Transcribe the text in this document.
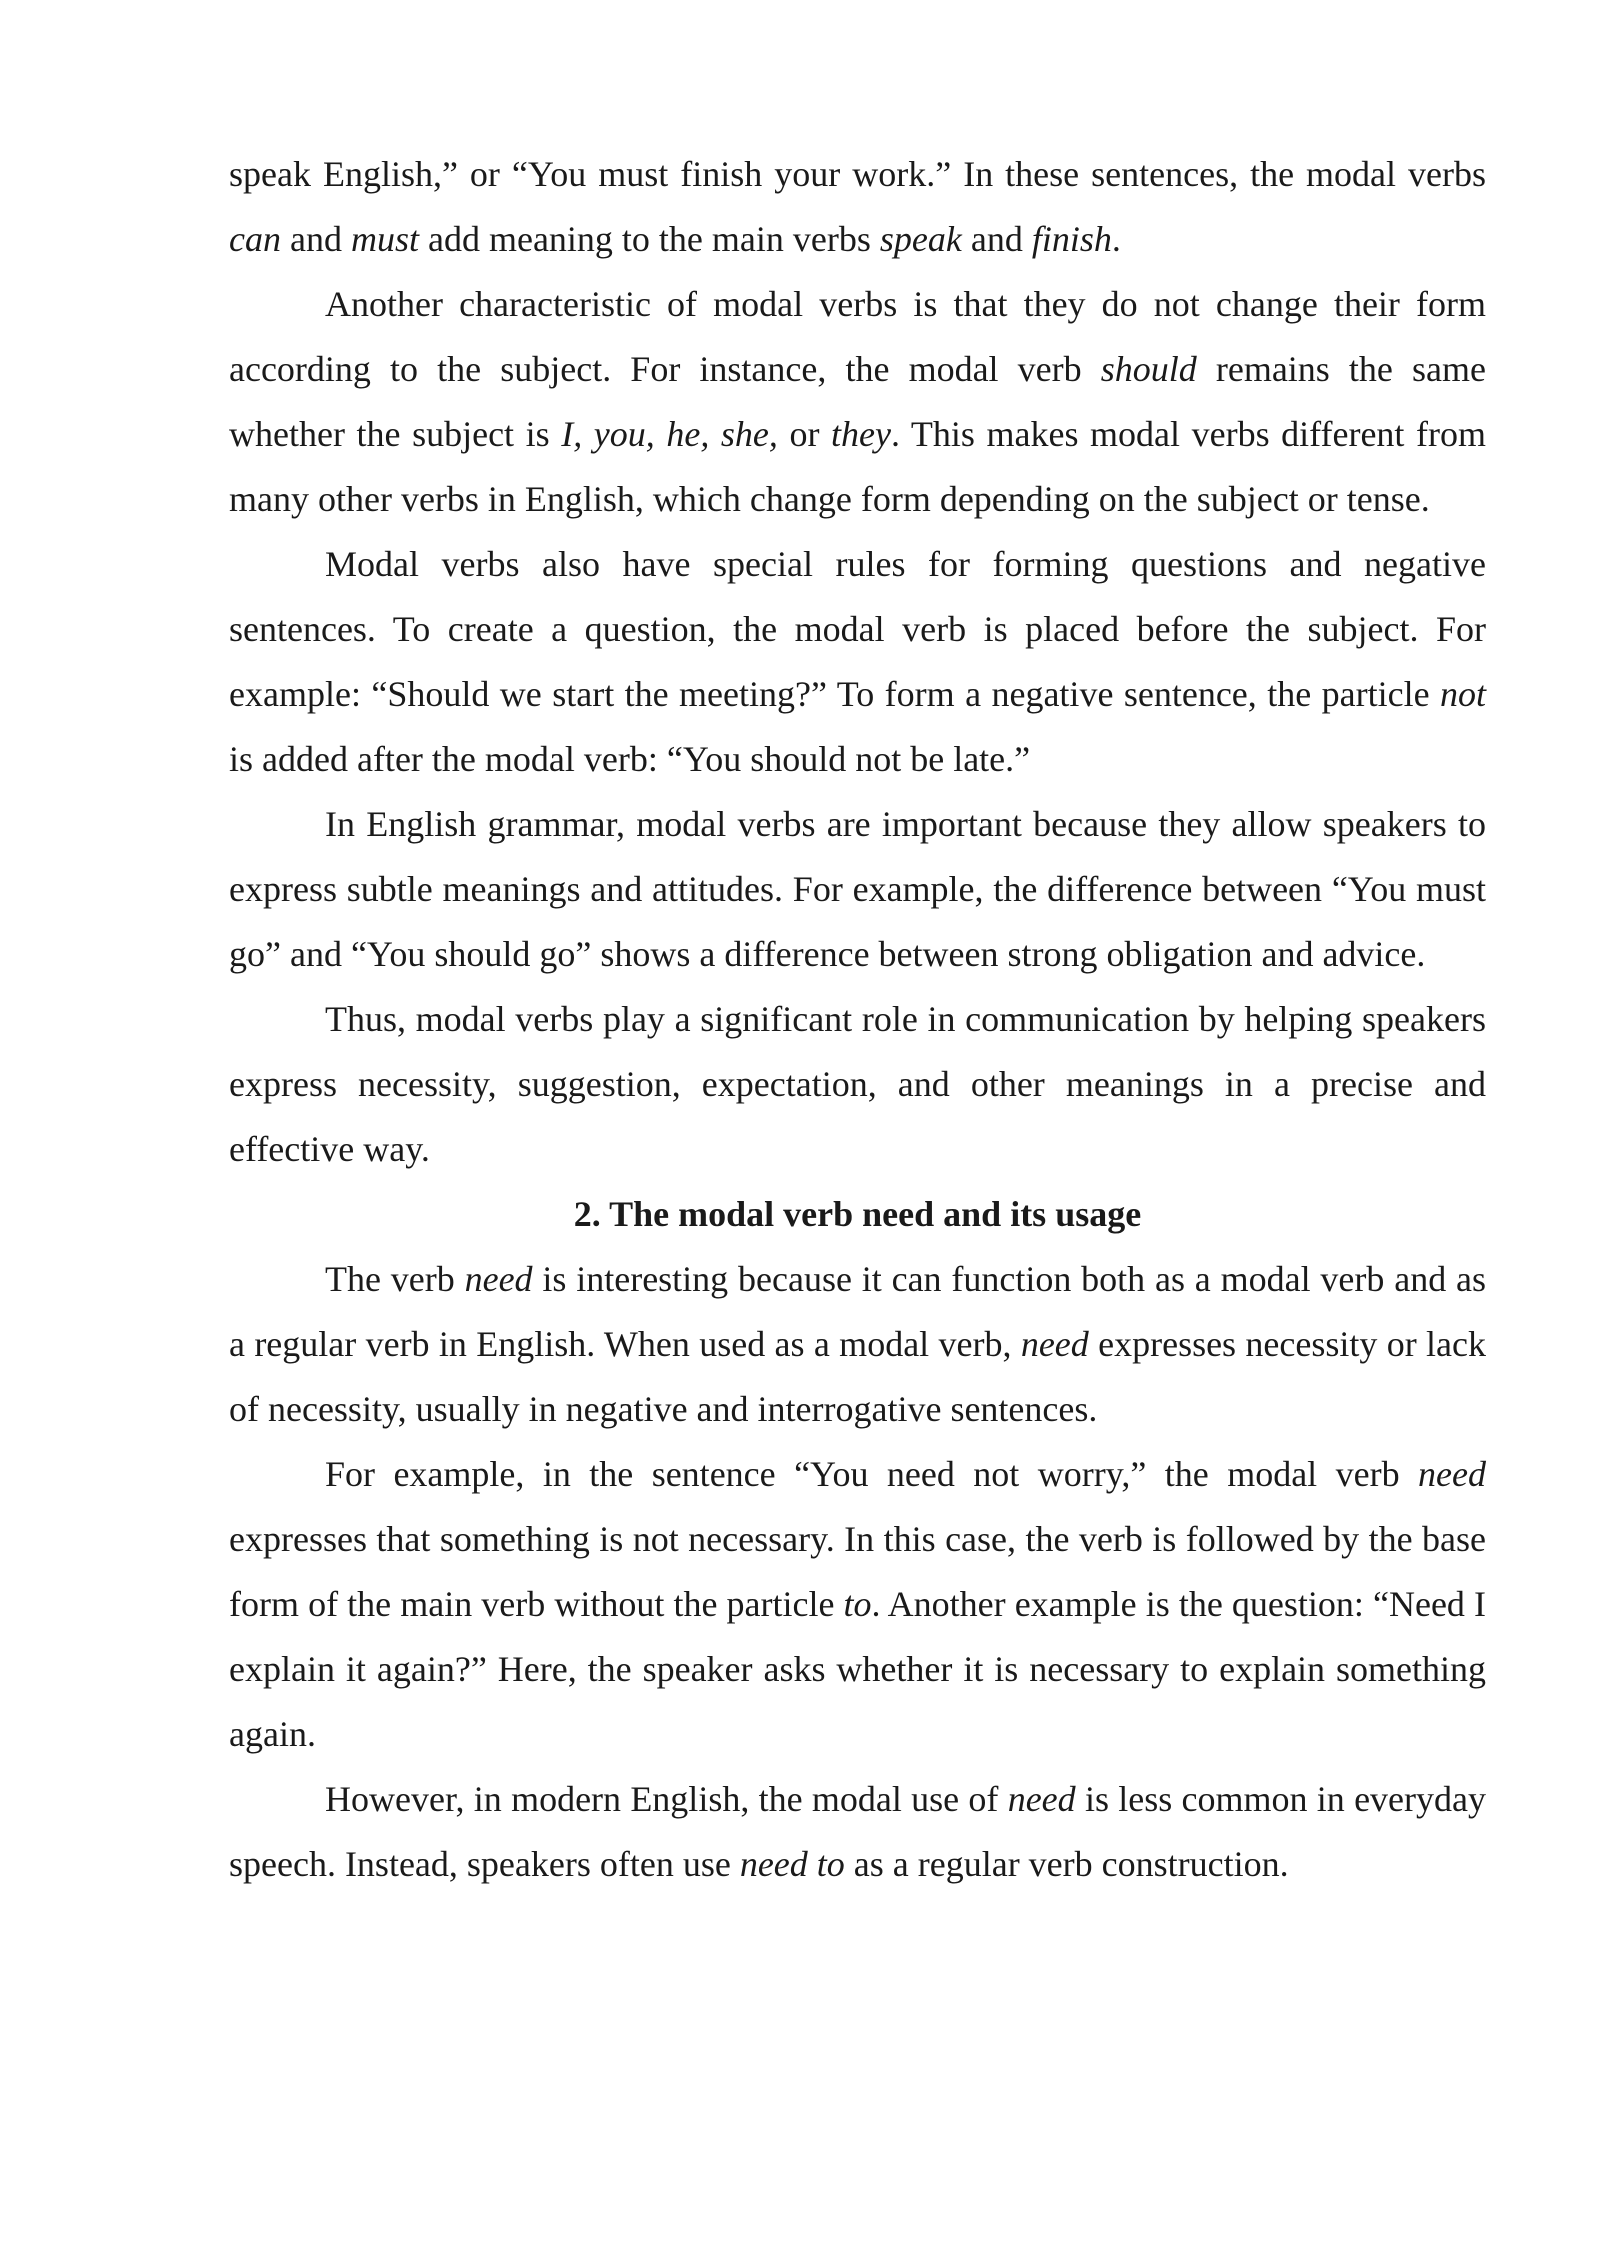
speak English,” or “You must finish your work.” In these sentences, the modal verbs can and must add meaning to the main verbs speak and finish.

Another characteristic of modal verbs is that they do not change their form according to the subject. For instance, the modal verb should remains the same whether the subject is I, you, he, she, or they. This makes modal verbs different from many other verbs in English, which change form depending on the subject or tense.

Modal verbs also have special rules for forming questions and negative sentences. To create a question, the modal verb is placed before the subject. For example: “Should we start the meeting?” To form a negative sentence, the particle not is added after the modal verb: “You should not be late.”

In English grammar, modal verbs are important because they allow speakers to express subtle meanings and attitudes. For example, the difference between “You must go” and “You should go” shows a difference between strong obligation and advice.

Thus, modal verbs play a significant role in communication by helping speakers express necessity, suggestion, expectation, and other meanings in a precise and effective way.

2. The modal verb need and its usage

The verb need is interesting because it can function both as a modal verb and as a regular verb in English. When used as a modal verb, need expresses necessity or lack of necessity, usually in negative and interrogative sentences.

For example, in the sentence “You need not worry,” the modal verb need expresses that something is not necessary. In this case, the verb is followed by the base form of the main verb without the particle to. Another example is the question: “Need I explain it again?” Here, the speaker asks whether it is necessary to explain something again.

However, in modern English, the modal use of need is less common in everyday speech. Instead, speakers often use need to as a regular verb construction.
